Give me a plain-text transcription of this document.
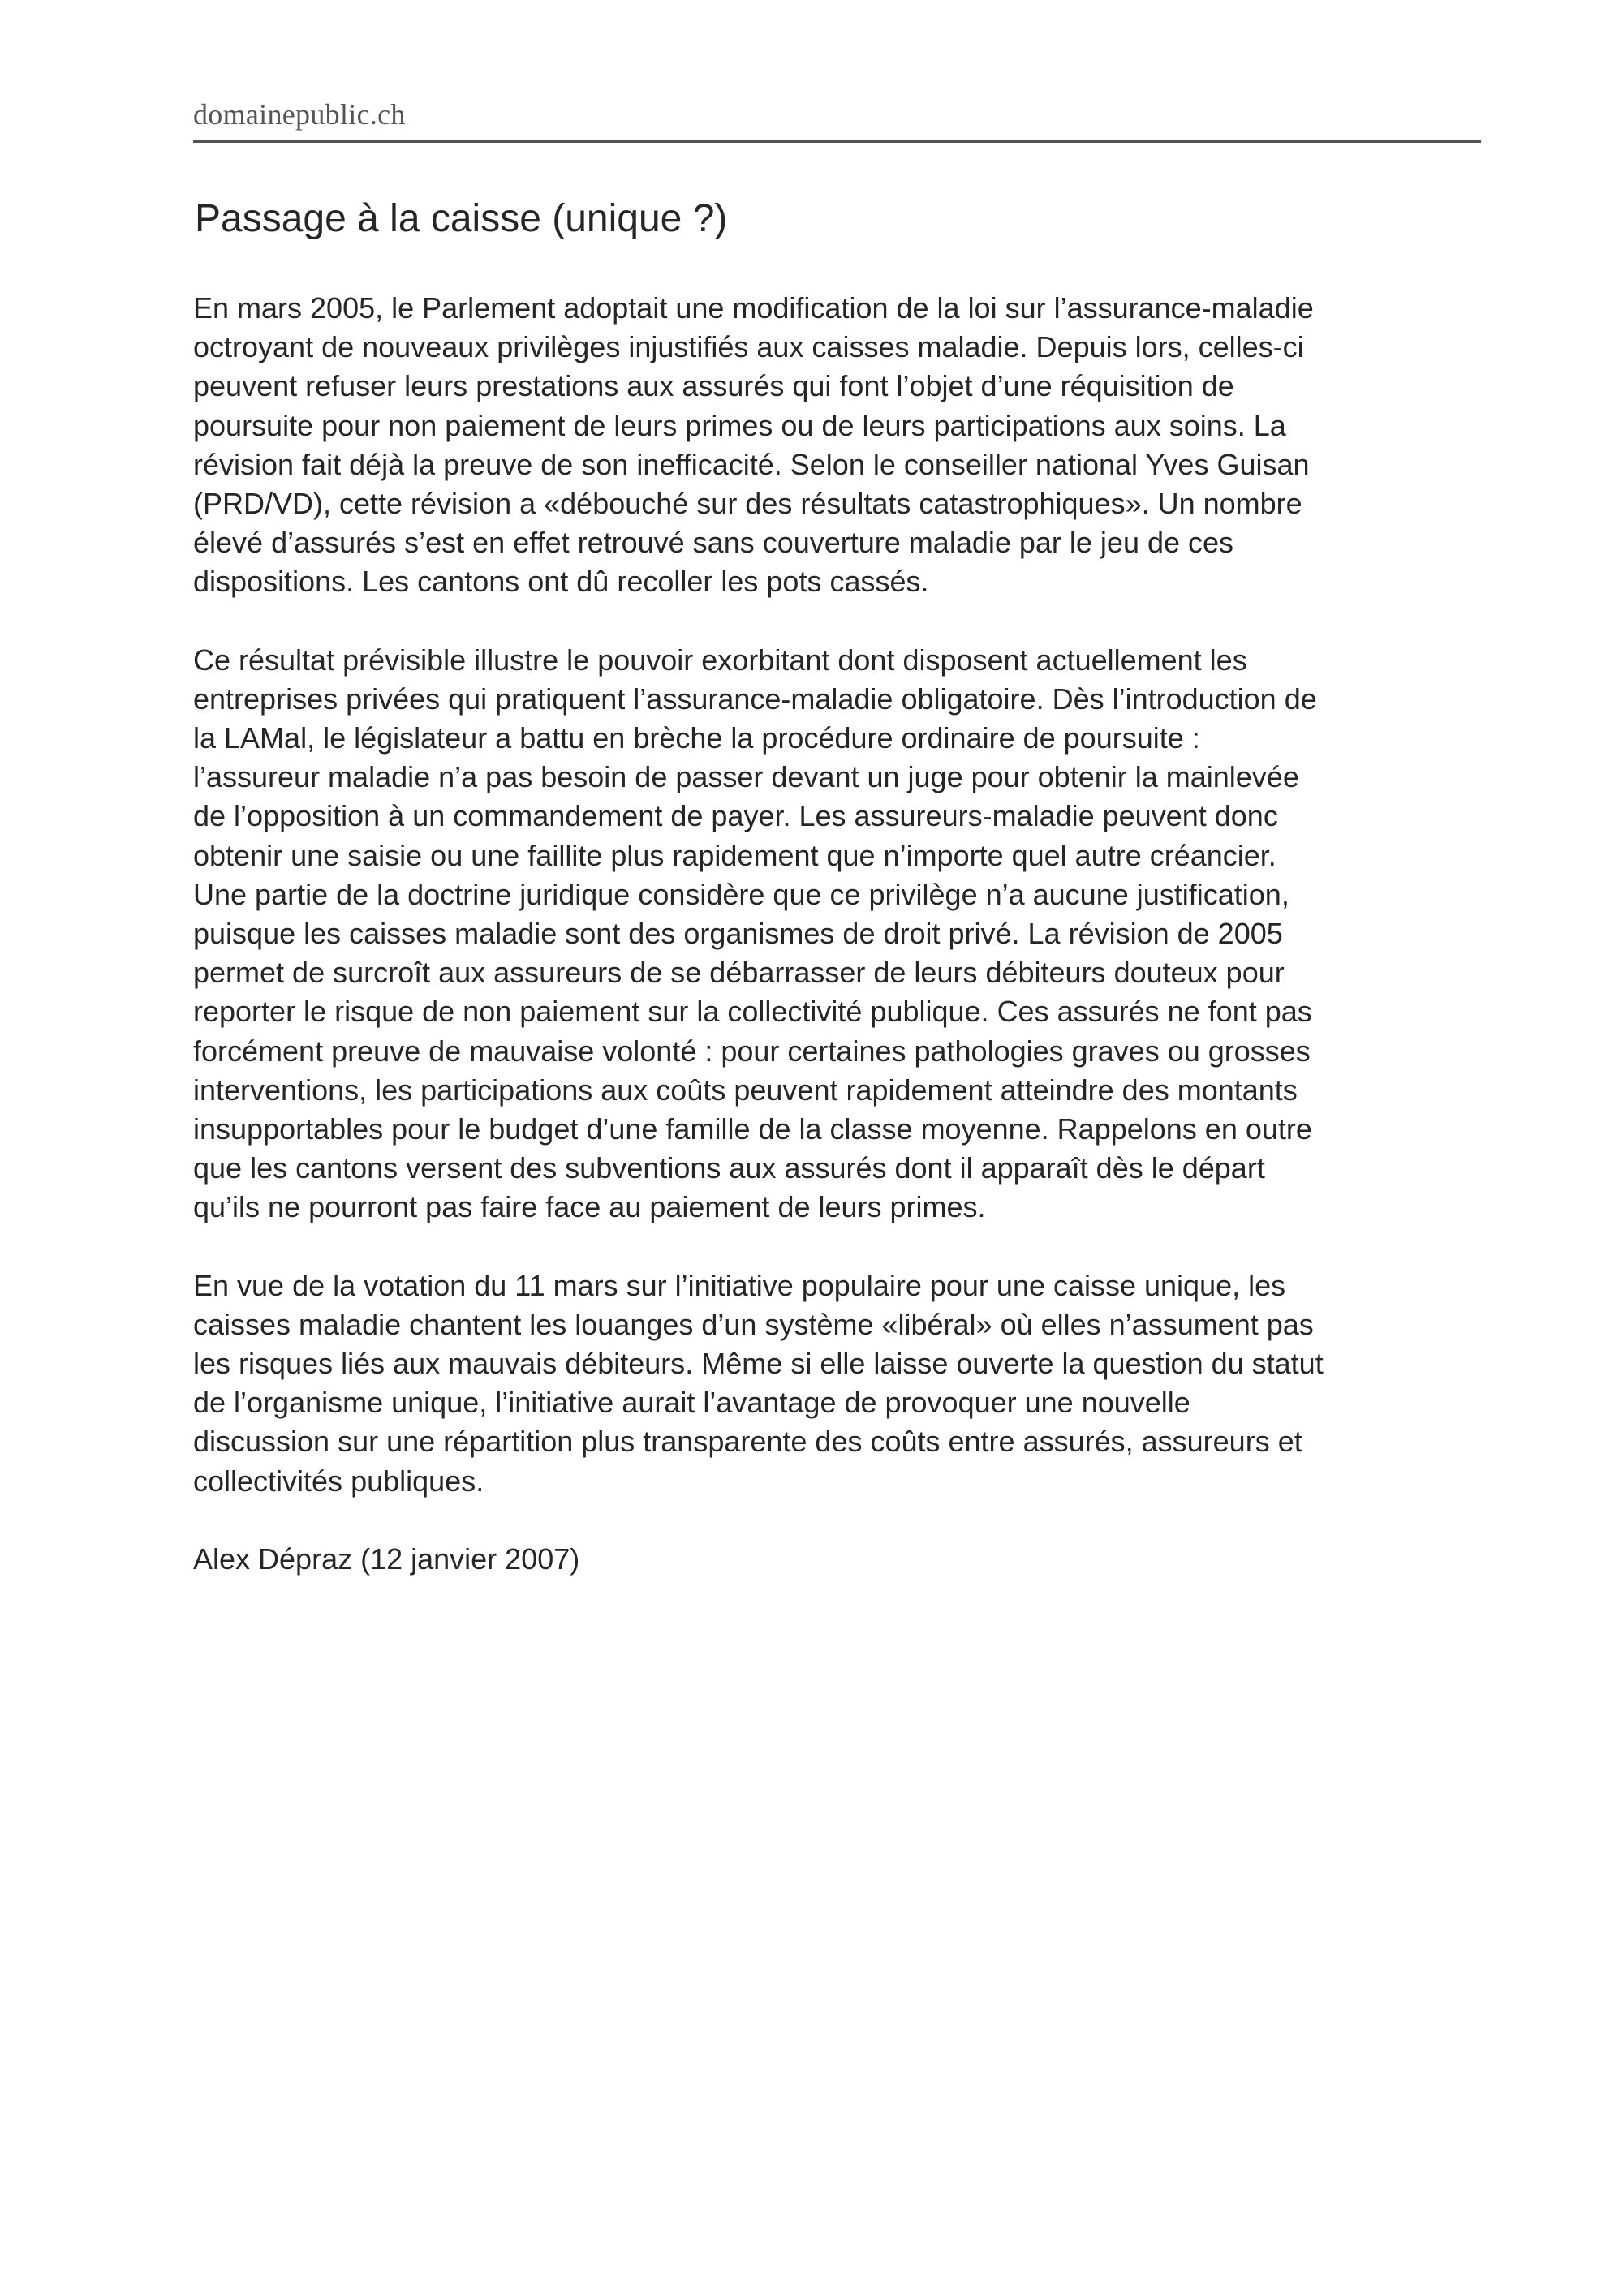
domainepublic.ch
Passage à la caisse (unique ?)

En mars 2005, le Parlement adoptait une modification de la loi sur l’assurance-maladie
octroyant de nouveaux privilèges injustifiés aux caisses maladie. Depuis lors, celles-ci
peuvent refuser leurs prestations aux assurés qui font l’objet d’une réquisition de
poursuite pour non paiement de leurs primes ou de leurs participations aux soins. La
révision fait déjà la preuve de son inefficacité. Selon le conseiller national Yves Guisan
(PRD/VD), cette révision a «débouché sur des résultats catastrophiques». Un nombre
élevé d’assurés s’est en effet retrouvé sans couverture maladie par le jeu de ces
dispositions. Les cantons ont dû recoller les pots cassés.

Ce résultat prévisible illustre le pouvoir exorbitant dont disposent actuellement les
entreprises privées qui pratiquent l’assurance-maladie obligatoire. Dès l’introduction de
la LAMal, le législateur a battu en brèche la procédure ordinaire de poursuite :
l’assureur maladie n’a pas besoin de passer devant un juge pour obtenir la mainlevée
de l’opposition à un commandement de payer. Les assureurs-maladie peuvent donc
obtenir une saisie ou une faillite plus rapidement que n’importe quel autre créancier.
Une partie de la doctrine juridique considère que ce privilège n’a aucune justification,
puisque les caisses maladie sont des organismes de droit privé. La révision de 2005
permet de surcroît aux assureurs de se débarrasser de leurs débiteurs douteux pour
reporter le risque de non paiement sur la collectivité publique. Ces assurés ne font pas
forcément preuve de mauvaise volonté : pour certaines pathologies graves ou grosses
interventions, les participations aux coûts peuvent rapidement atteindre des montants
insupportables pour le budget d’une famille de la classe moyenne. Rappelons en outre
que les cantons versent des subventions aux assurés dont il apparaît dès le départ
qu’ils ne pourront pas faire face au paiement de leurs primes.

En vue de la votation du 11 mars sur l’initiative populaire pour une caisse unique, les
caisses maladie chantent les louanges d’un système «libéral» où elles n’assument pas
les risques liés aux mauvais débiteurs. Même si elle laisse ouverte la question du statut
de l’organisme unique, l’initiative aurait l’avantage de provoquer une nouvelle
discussion sur une répartition plus transparente des coûts entre assurés, assureurs et
collectivités publiques.

Alex Dépraz (12 janvier 2007)
